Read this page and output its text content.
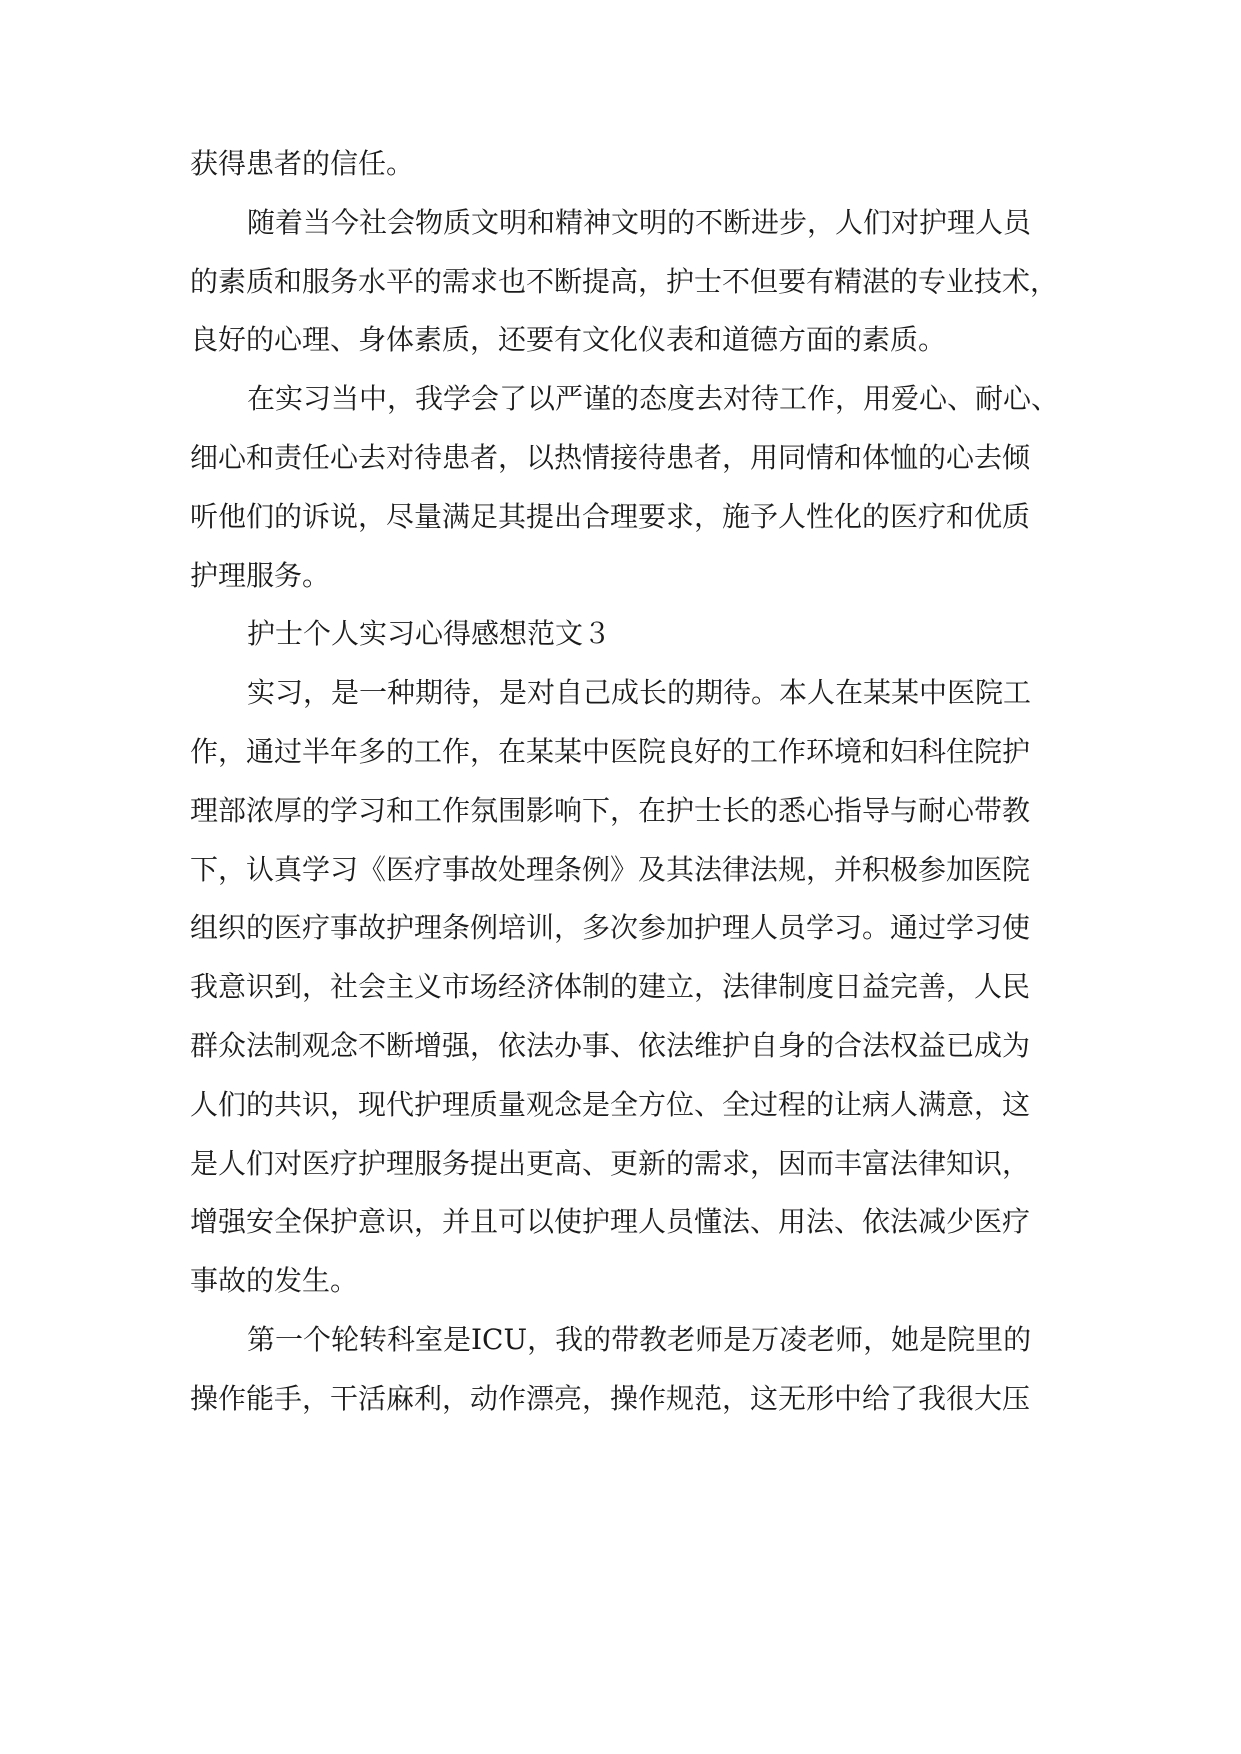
获得患者的信任。
随着当今社会物质文明和精神文明的不断进步，人们对护理人员
的素质和服务水平的需求也不断提高，护士不但要有精湛的专业技术，
良好的心理、身体素质，还要有文化仪表和道德方面的素质。
在实习当中，我学会了以严谨的态度去对待工作，用爱心、耐心、
细心和责任心去对待患者，以热情接待患者，用同情和体恤的心去倾
听他们的诉说，尽量满足其提出合理要求，施予人性化的医疗和优质
护理服务。
护士个人实习心得感想范文３
实习，是一种期待，是对自己成长的期待。本人在某某中医院工
作，通过半年多的工作，在某某中医院良好的工作环境和妇科住院护
理部浓厚的学习和工作氛围影响下，在护士长的悉心指导与耐心带教
下，认真学习《医疗事故处理条例》及其法律法规，并积极参加医院
组织的医疗事故护理条例培训，多次参加护理人员学习。通过学习使
我意识到，社会主义市场经济体制的建立，法律制度日益完善，人民
群众法制观念不断增强，依法办事、依法维护自身的合法权益已成为
人们的共识，现代护理质量观念是全方位、全过程的让病人满意，这
是人们对医疗护理服务提出更高、更新的需求，因而丰富法律知识，
增强安全保护意识，并且可以使护理人员懂法、用法、依法减少医疗
事故的发生。
第一个轮转科室是ICU，我的带教老师是万凌老师，她是院里的
操作能手，干活麻利，动作漂亮，操作规范，这无形中给了我很大压
